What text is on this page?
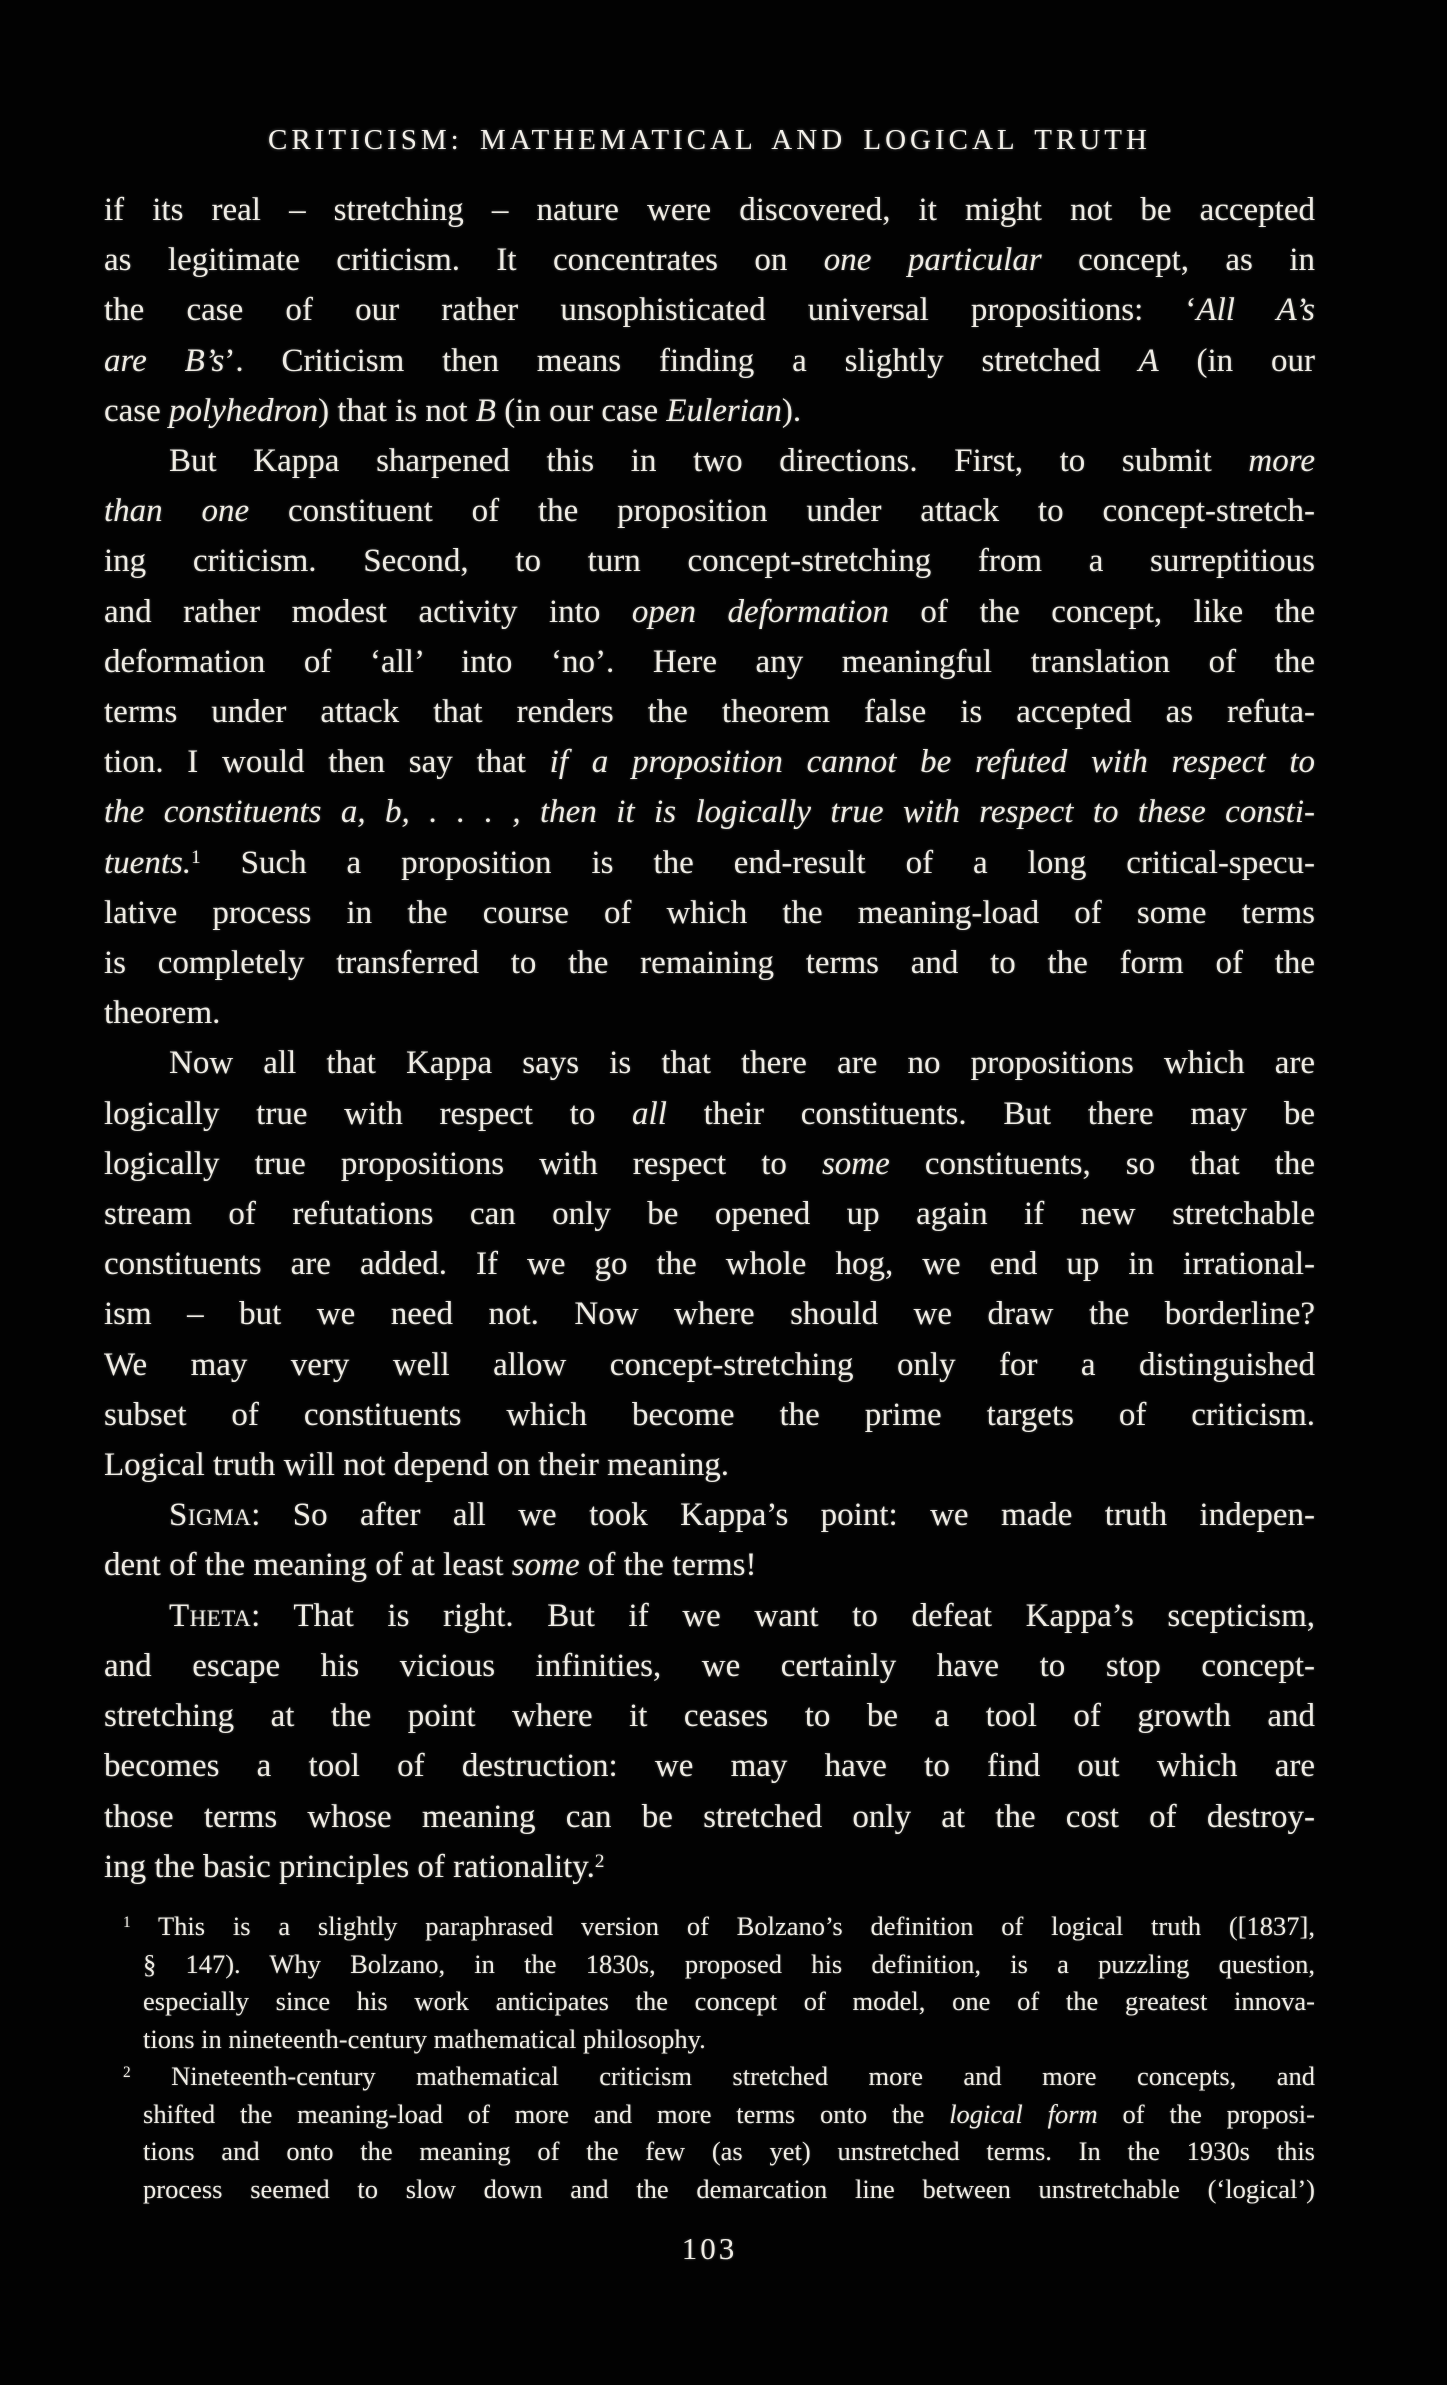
CRITICISM: MATHEMATICAL AND LOGICAL TRUTH
if its real – stretching – nature were discovered, it might not be accepted
as legitimate criticism. It concentrates on one particular concept, as in
the case of our rather unsophisticated universal propositions: ‘All A’s
are B’s’. Criticism then means finding a slightly stretched A (in our
case polyhedron) that is not B (in our case Eulerian).
But Kappa sharpened this in two directions. First, to submit more
than one constituent of the proposition under attack to concept-stretch-
ing criticism. Second, to turn concept-stretching from a surreptitious
and rather modest activity into open deformation of the concept, like the
deformation of ‘all’ into ‘no’. Here any meaningful translation of the
terms under attack that renders the theorem false is accepted as refuta-
tion. I would then say that if a proposition cannot be refuted with respect to
the constituents a, b, . . . , then it is logically true with respect to these consti-
tuents.$^1$ Such a proposition is the end-result of a long critical-specu-
lative process in the course of which the meaning-load of some terms
is completely transferred to the remaining terms and to the form of the
theorem.
Now all that Kappa says is that there are no propositions which are
logically true with respect to all their constituents. But there may be
logically true propositions with respect to some constituents, so that the
stream of refutations can only be opened up again if new stretchable
constituents are added. If we go the whole hog, we end up in irrational-
ism – but we need not. Now where should we draw the borderline?
We may very well allow concept-stretching only for a distinguished
subset of constituents which become the prime targets of criticism.
Logical truth will not depend on their meaning.
Sigma: So after all we took Kappa’s point: we made truth indepen-
dent of the meaning of at least some of the terms!
Theta: That is right. But if we want to defeat Kappa’s scepticism,
and escape his vicious infinities, we certainly have to stop concept-
stretching at the point where it ceases to be a tool of growth and
becomes a tool of destruction: we may have to find out which are
those terms whose meaning can be stretched only at the cost of destroy-
ing the basic principles of rationality.$^2$
$^1$ This is a slightly paraphrased version of Bolzano’s definition of logical truth ([1837],
§ 147). Why Bolzano, in the 1830s, proposed his definition, is a puzzling question,
especially since his work anticipates the concept of model, one of the greatest innova-
tions in nineteenth-century mathematical philosophy.
$^2$ Nineteenth-century mathematical criticism stretched more and more concepts, and
shifted the meaning-load of more and more terms onto the logical form of the proposi-
tions and onto the meaning of the few (as yet) unstretched terms. In the 1930s this
process seemed to slow down and the demarcation line between unstretchable (‘logical’)
103
